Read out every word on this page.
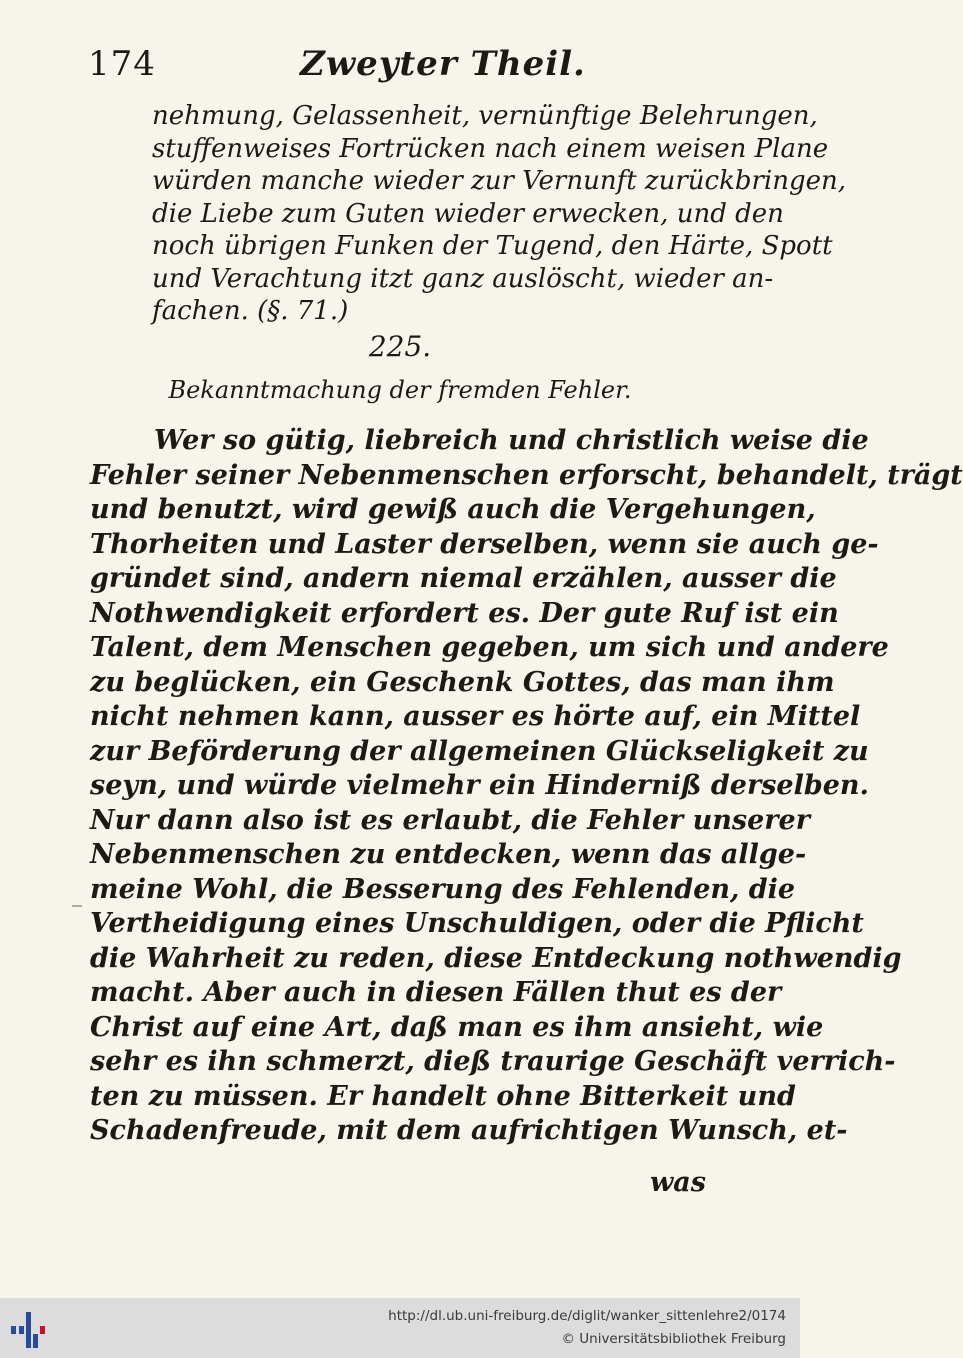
174	Zweyter Theil.
nehmung, Gelassenheit, vernünftige Belehrungen,
stuffenweises Fortrücken nach einem weisen Plane
würden manche wieder zur Vernunft zurückbringen,
die Liebe zum Guten wieder erwecken, und den
noch übrigen Funken der Tugend, den Härte, Spott
und Verachtung itzt ganz auslöscht, wieder an-
fachen. (§. 71.)
225.
Bekanntmachung der fremden Fehler.
Wer so gütig, liebreich und christlich weise die
Fehler seiner Nebenmenschen erforscht, behandelt, trägt
und benutzt, wird gewiß auch die Vergehungen,
Thorheiten und Laster derselben, wenn sie auch ge-
gründet sind, andern niemal erzählen, ausser die
Nothwendigkeit erfordert es. Der gute Ruf ist ein
Talent, dem Menschen gegeben, um sich und andere
zu beglücken, ein Geschenk Gottes, das man ihm
nicht nehmen kann, ausser es hörte auf, ein Mittel
zur Beförderung der allgemeinen Glückseligkeit zu
seyn, und würde vielmehr ein Hinderniß derselben.
Nur dann also ist es erlaubt, die Fehler unserer
Nebenmenschen zu entdecken, wenn das allge-
meine Wohl, die Besserung des Fehlenden, die
Vertheidigung eines Unschuldigen, oder die Pflicht
die Wahrheit zu reden, diese Entdeckung nothwendig
macht. Aber auch in diesen Fällen thut es der
Christ auf eine Art, daß man es ihm ansieht, wie
sehr es ihn schmerzt, dieß traurige Geschäft verrich-
ten zu müssen. Er handelt ohne Bitterkeit und
Schadenfreude, mit dem aufrichtigen Wunsch, et-
was
http://dl.ub.uni-freiburg.de/diglit/wanker_sittenlehre2/0174
© Universitätsbibliothek Freiburg
